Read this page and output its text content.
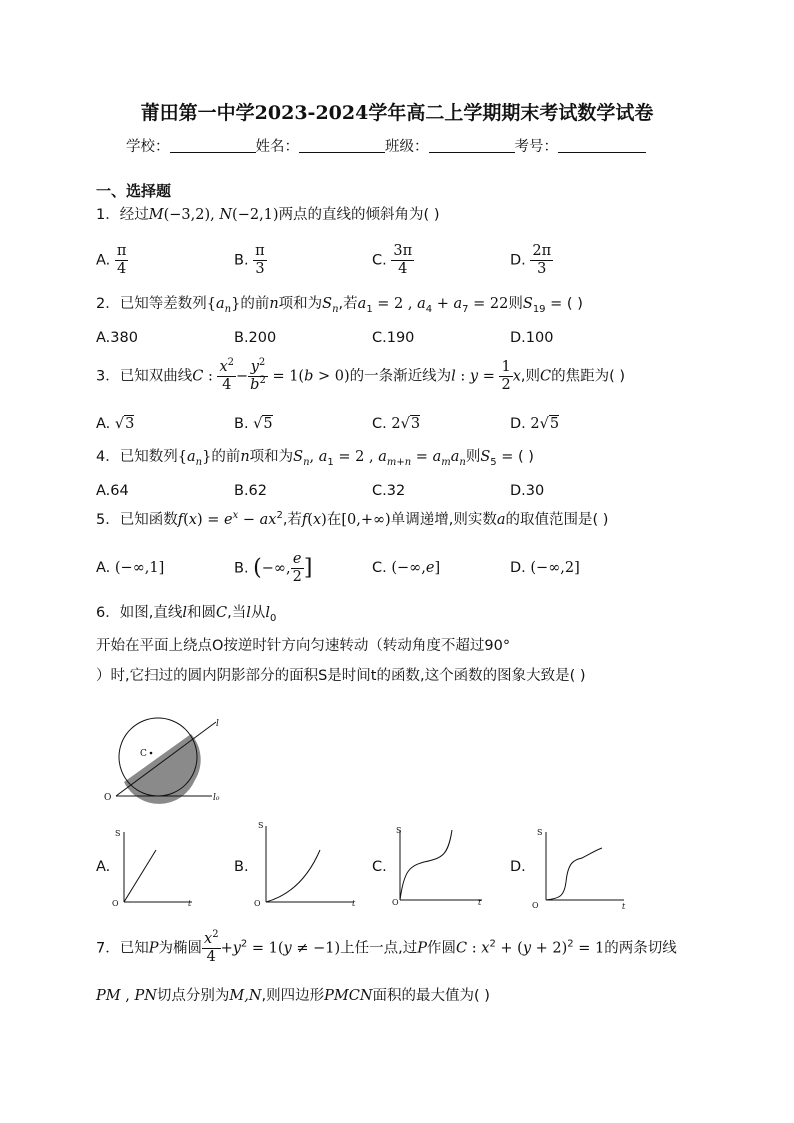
莆田第一中学2023-2024学年高二上学期期末考试数学试卷
学校：	姓名：	班级：	考号：
一、选择题
1．经过M(−3,2), N(−2,1)两点的直线的倾斜角为( )
A. $\frac{\pi}{4}$	B. $\frac{\pi}{3}$	C. $\frac{3\pi}{4}$	D. $\frac{2\pi}{3}$
2．已知等差数列$\{a_n\}$的前n项和为$S_n$,若$a_1 = 2$ , $a_4 + a_7 = 22$则$S_{19}$ = ( )
A.380	B.200	C.190	D.100
3．已知双曲线C : $\frac{x^2}{4} - \frac{y^2}{b^2} = 1(b > 0)$的一条渐近线为l : $y = \frac{1}{2} x$,则C的焦距为( )
A. √3	B. √5	C. 2√3	D. 2√5
4．已知数列$\{a_n\}$的前n项和为$S_n$, $a_1 = 2$ , $a_{m+n} = a_ma_n$则$S_5$ = ( )
A.64	B.62	C.32	D.30
5．已知函数$f(x) = e^x - ax^2$,若f(x)在[0,+∞)单调递增,则实数a的取值范围是( )
A. (−∞,1]	B. (−∞, $\frac{e}{2}$ ]	C. (−∞,e]	D. (−∞,2]
6．如图,直线l和圆C,当l从$l_0$
开始在平面上绕点O按逆时针方向匀速转动（转动角度不超过90°
）时,它扫过的圆内阴影部分的面积S是时间t的函数,这个函数的图象大致是( )
C
O
l
l₀
A.
S
O	t
B.
S
O	t
C.
S
O	t
D.
S
O	t
7．已知P为椭圆 $\frac{x^2}{4} +y^2 = 1(y \ne -1)$上任一点,过P作圆C : $x^2 + (y + 2)^2 = 1$的两条切线
PM , PN切点分别为M,N,则四边形PMCN面积的最大值为( )
